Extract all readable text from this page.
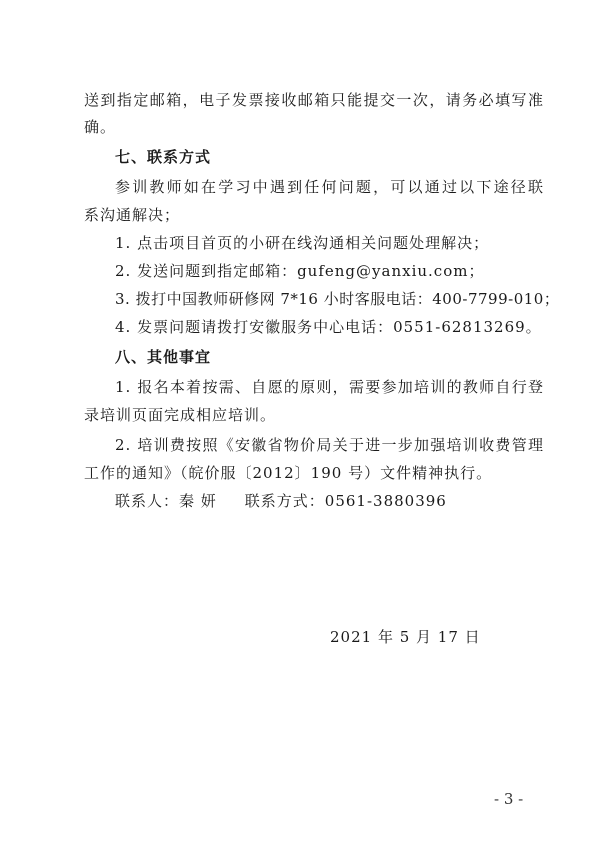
送到指定邮箱，电子发票接收邮箱只能提交一次，请务必填写准
确。
七、联系方式
参训教师如在学习中遇到任何问题，可以通过以下途径联
系沟通解决；
1. 点击项目首页的小研在线沟通相关问题处理解决；
2. 发送问题到指定邮箱：gufeng@yanxiu.com；
3. 拨打中国教师研修网 7*16 小时客服电话：400-7799-010；
4. 发票问题请拨打安徽服务中心电话：0551-62813269。
八、其他事宜
1. 报名本着按需、自愿的原则，需要参加培训的教师自行登
录培训页面完成相应培训。
2. 培训费按照《安徽省物价局关于进一步加强培训收费管理
工作的通知》（皖价服〔2012〕190 号）文件精神执行。
联系人：秦 妍 联系方式：0561-3880396
2021 年 5 月 17 日
- 3 -
